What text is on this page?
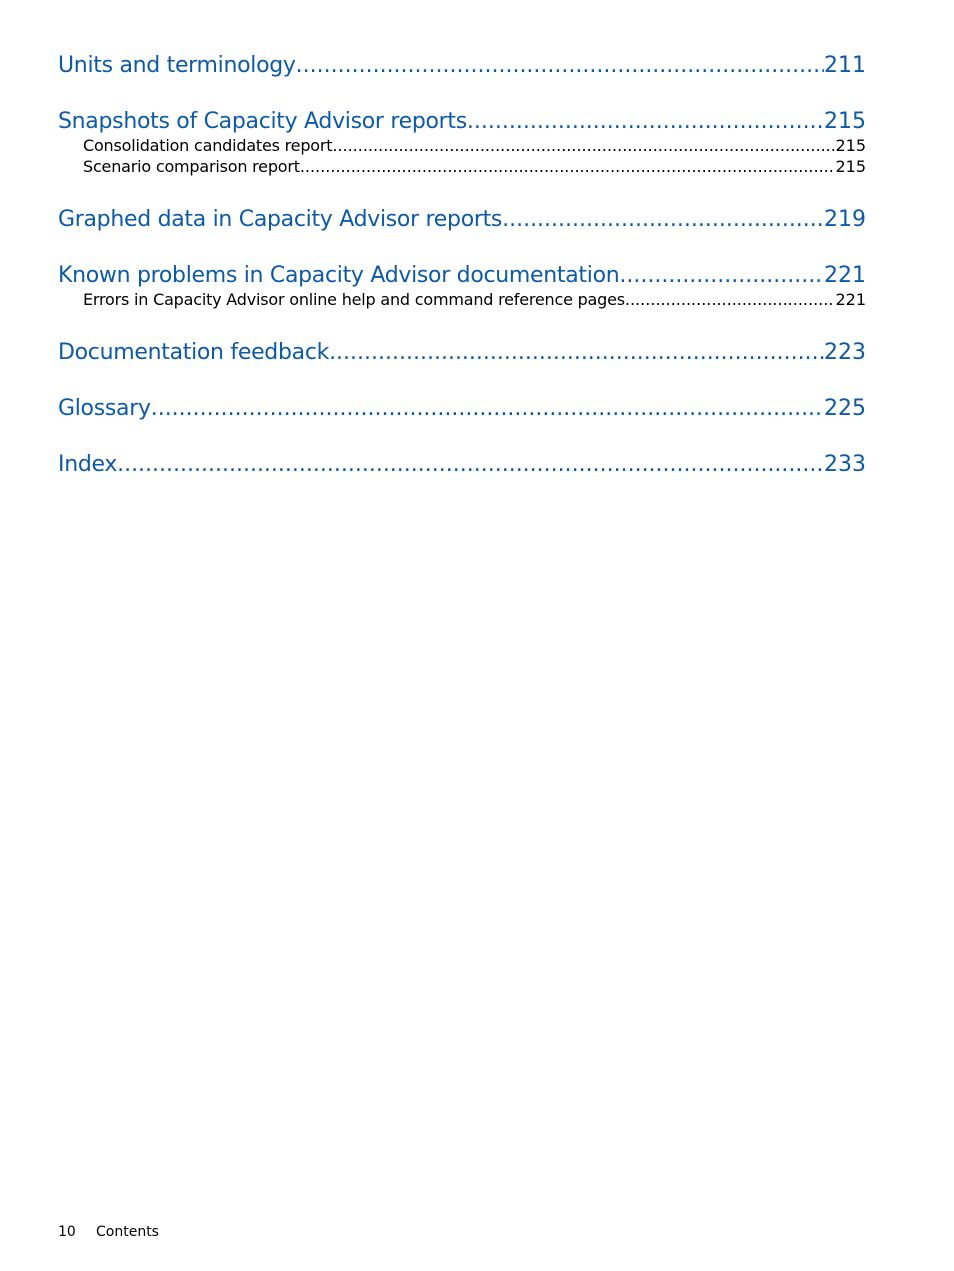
Units and terminology .....	211
Snapshots of Capacity Advisor reports .....	215
Consolidation candidates report .....	215
Scenario comparison report .....	215
Graphed data in Capacity Advisor reports .....	219
Known problems in Capacity Advisor documentation .....	221
Errors in Capacity Advisor online help and command reference pages .....	221
Documentation feedback .....	223
Glossary .....	225
Index .....	233
10 Contents
